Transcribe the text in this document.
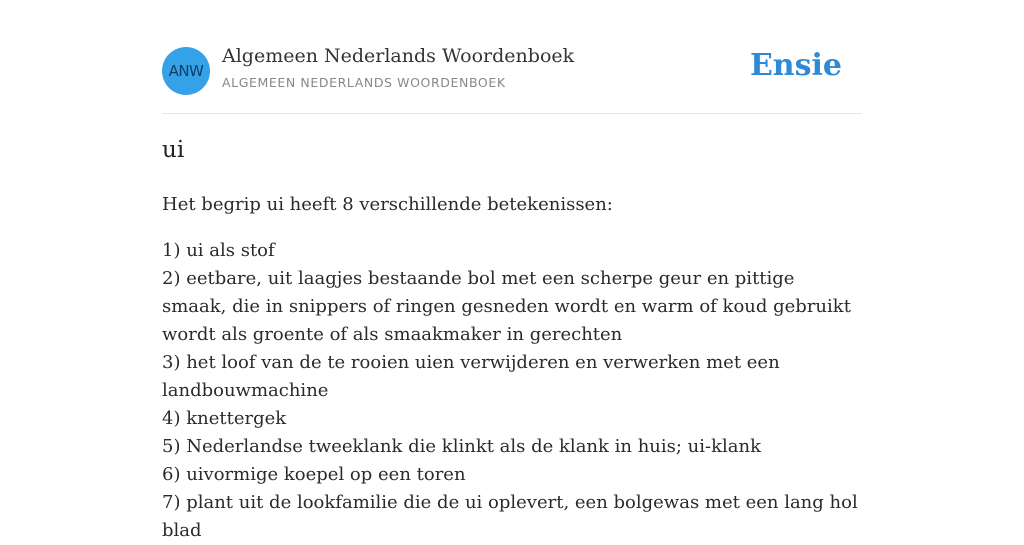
ANW
Algemeen Nederlands Woordenboek
ALGEMEEN NEDERLANDS WOORDENBOEK	Ensie
ui

Het begrip ui heeft 8 verschillende betekenissen:

1) ui als stof
2) eetbare, uit laagjes bestaande bol met een scherpe geur en pittige smaak, die in snippers of ringen gesneden wordt en warm of koud gebruikt wordt als groente of als smaakmaker in gerechten
3) het loof van de te rooien uien verwijderen en verwerken met een landbouwmachine
4) knettergek
5) Nederlandse tweeklank die klinkt als de klank in huis; ui-klank
6) uivormige koepel op een toren
7) plant uit de lookfamilie die de ui oplevert, een bolgewas met een lang hol blad
